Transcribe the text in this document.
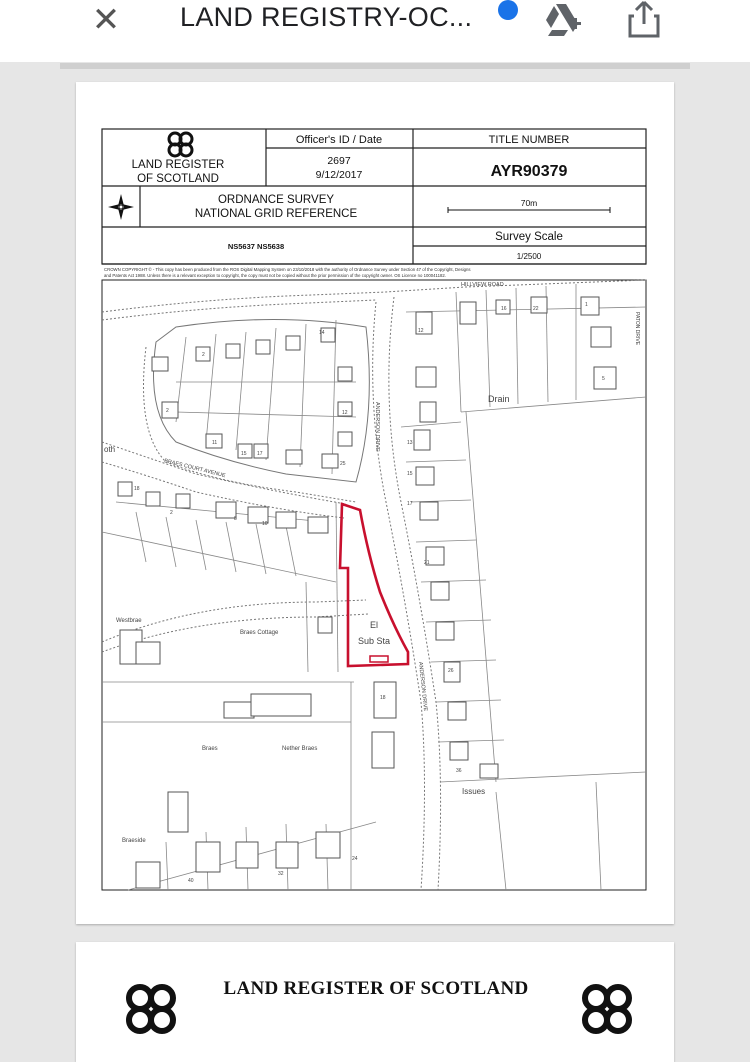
✕ LAND REGISTRY-OC...
LAND REGISTER
OF SCOTLAND
Officer's ID / Date
2697
9/12/2017
TITLE NUMBER
AYR90379
ORDNANCE SURVEY
NATIONAL GRID REFERENCE
70m
NS5637 NS5638
Survey Scale
1/2500
CROWN COPYRIGHT © - This copy has been produced from the ROS Digital Mapping System on 23/10/2018 with the authority of Ordnance Survey under Section 47 of the Copyright, Designs
and Patents Act 1988. Unless there is a relevant exception to copyright, the copy must not be copied without the prior permission of the copyright owner. OS Licence no 100041182.
HILLVIEW ROAD
PATON DRIVE
Drain
BRAES COURT AVENUE
ANDERSON DRIVE
ANDERSON DRIVE
Westbrae
Braes Cottage
El
Sub Sta
Braes	Nether Braes
Braeside
Issues
oth
18
2
22
14
16
2	12
11
15 17
25
13
15
17
21
12
2
8
10
26
36
18
40
32
24
1
5
LAND REGISTER OF SCOTLAND
